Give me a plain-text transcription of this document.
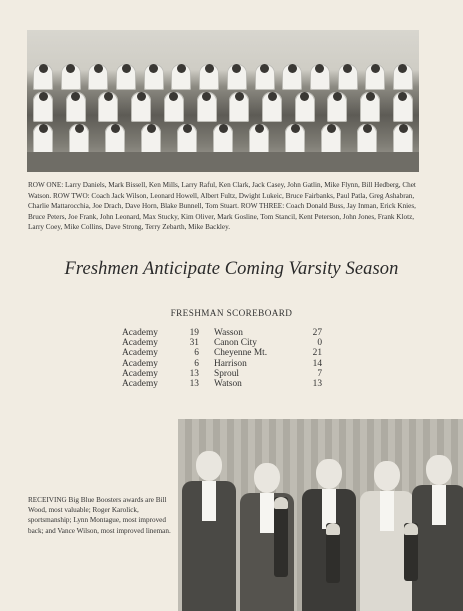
ROW ONE: Larry Daniels, Mark Bissell, Ken Mills, Larry Raful, Ken Clark, Jack Casey, John Gatlin, Mike Flynn, Bill Hedberg, Chet Watson. ROW TWO: Coach Jack Wilson, Leonard Howell, Albert Fultz, Dwight Lukeic, Bruce Fairbanks, Paul Patla, Greg Ashabran, Charlie Mattarocchia, Joe Drach, Dave Horn, Blake Bunnell, Tom Stuart. ROW THREE: Coach Donald Buss, Jay Inman, Erick Knies, Bruce Peters, Joe Frank, John Leonard, Max Stucky, Kim Oliver, Mark Gosline, Tom Stancil, Kent Peterson, John Jones, Frank Klotz, Larry Coey, Mike Collins, Dave Strong, Terry Zebarth, Mike Backley.
Freshmen Anticipate Coming Varsity Season
FRESHMAN SCOREBOARD
Academy	19	Wasson	27
Academy	31	Canon City	0
Academy	6	Cheyenne Mt.	21
Academy	6	Harrison	14
Academy	13	Sproul	7
Academy	13	Watson	13
RECEIVING Big Blue Boosters awards are Bill Wood, most valuable; Roger Karolick, sportsmanship; Lynn Montague, most improved back; and Vance Wilson, most improved lineman.
